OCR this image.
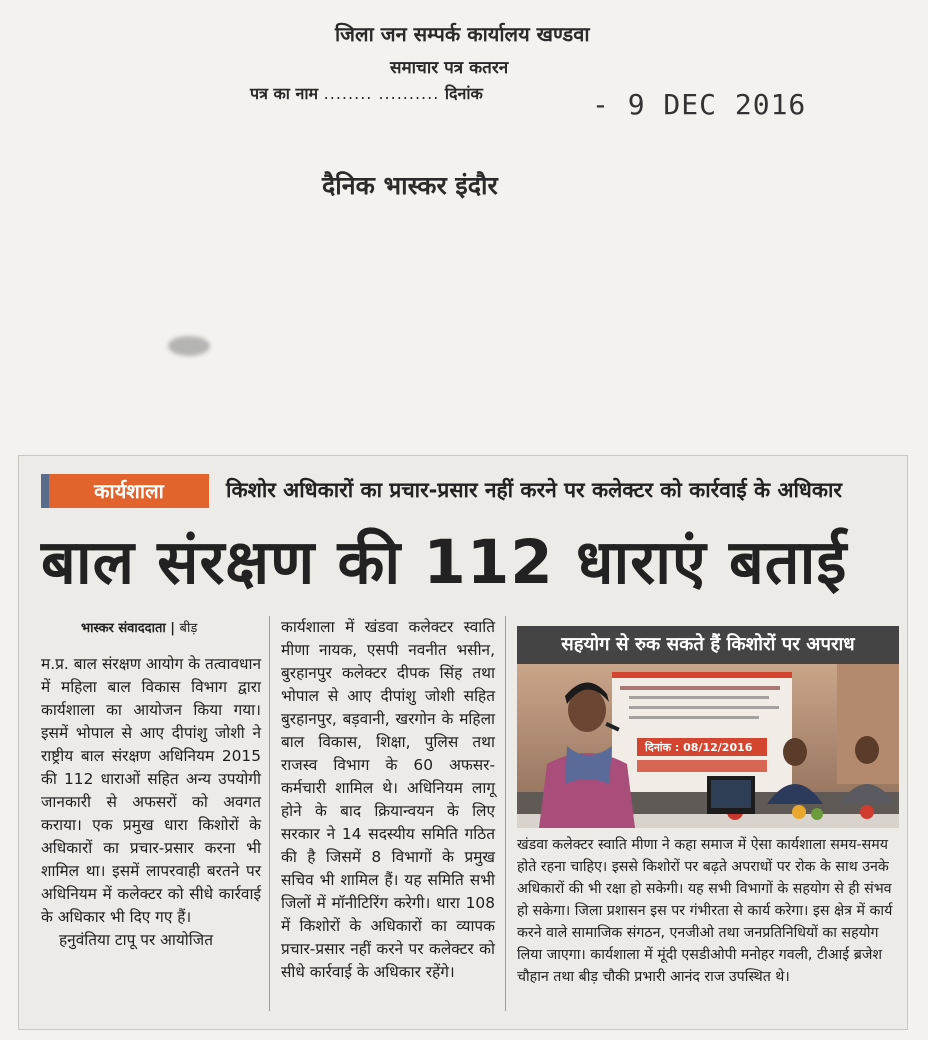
जिला जन सम्पर्क कार्यालय खण्डवा
समाचार पत्र कतरन
पत्र का नाम ........ .......... दिनांक	- 9 DEC 2016
दैनिक भास्कर इंदौर
कार्यशाला	किशोर अधिकारों का प्रचार-प्रसार नहीं करने पर कलेक्टर को कार्रवाई के अधिकार
बाल संरक्षण की 112 धाराएं बताई
भास्कर संवाददाता | बीड़

म.प्र. बाल संरक्षण आयोग के तत्वावधान में महिला बाल विकास विभाग द्वारा कार्यशाला का आयोजन किया गया। इसमें भोपाल से आए दीपांशु जोशी ने राष्ट्रीय बाल संरक्षण अधिनियम 2015 की 112 धाराओं सहित अन्य उपयोगी जानकारी से अफसरों को अवगत कराया। एक प्रमुख धारा किशोरों के अधिकारों का प्रचार-प्रसार करना भी शामिल था। इसमें लापरवाही बरतने पर अधिनियम में कलेक्टर को सीधे कार्रवाई के अधिकार भी दिए गए हैं।

हनुवंतिया टापू पर आयोजित

कार्यशाला में खंडवा कलेक्टर स्वाति मीणा नायक, एसपी नवनीत भसीन, बुरहानपुर कलेक्टर दीपक सिंह तथा भोपाल से आए दीपांशु जोशी सहित बुरहानपुर, बड़वानी, खरगोन के महिला बाल विकास, शिक्षा, पुलिस तथा राजस्व विभाग के 60 अफसर-कर्मचारी शामिल थे। अधिनियम लागू होने के बाद क्रियान्वयन के लिए सरकार ने 14 सदस्यीय समिति गठित की है जिसमें 8 विभागों के प्रमुख सचिव भी शामिल हैं। यह समिति सभी जिलों में मॉनीटिरिंग करेगी। धारा 108 में किशोरों के अधिकारों का व्यापक प्रचार-प्रसार नहीं करने पर कलेक्टर को सीधे कार्रवाई के अधिकार रहेंगे।

सहयोग से रुक सकते हैं किशोरों पर अपराध
दिनांक : 08/12/2016
खंडवा कलेक्टर स्वाति मीणा ने कहा समाज में ऐसा कार्यशाला समय-समय होते रहना चाहिए। इससे किशोरों पर बढ़ते अपराधों पर रोक के साथ उनके अधिकारों की भी रक्षा हो सकेगी। यह सभी विभागों के सहयोग से ही संभव हो सकेगा। जिला प्रशासन इस पर गंभीरता से कार्य करेगा। इस क्षेत्र में कार्य करने वाले सामाजिक संगठन, एनजीओ तथा जनप्रतिनिधियों का सहयोग लिया जाएगा। कार्यशाला में मूंदी एसडीओपी मनोहर गवली, टीआई ब्रजेश चौहान तथा बीड़ चौकी प्रभारी आनंद राज उपस्थित थे।
